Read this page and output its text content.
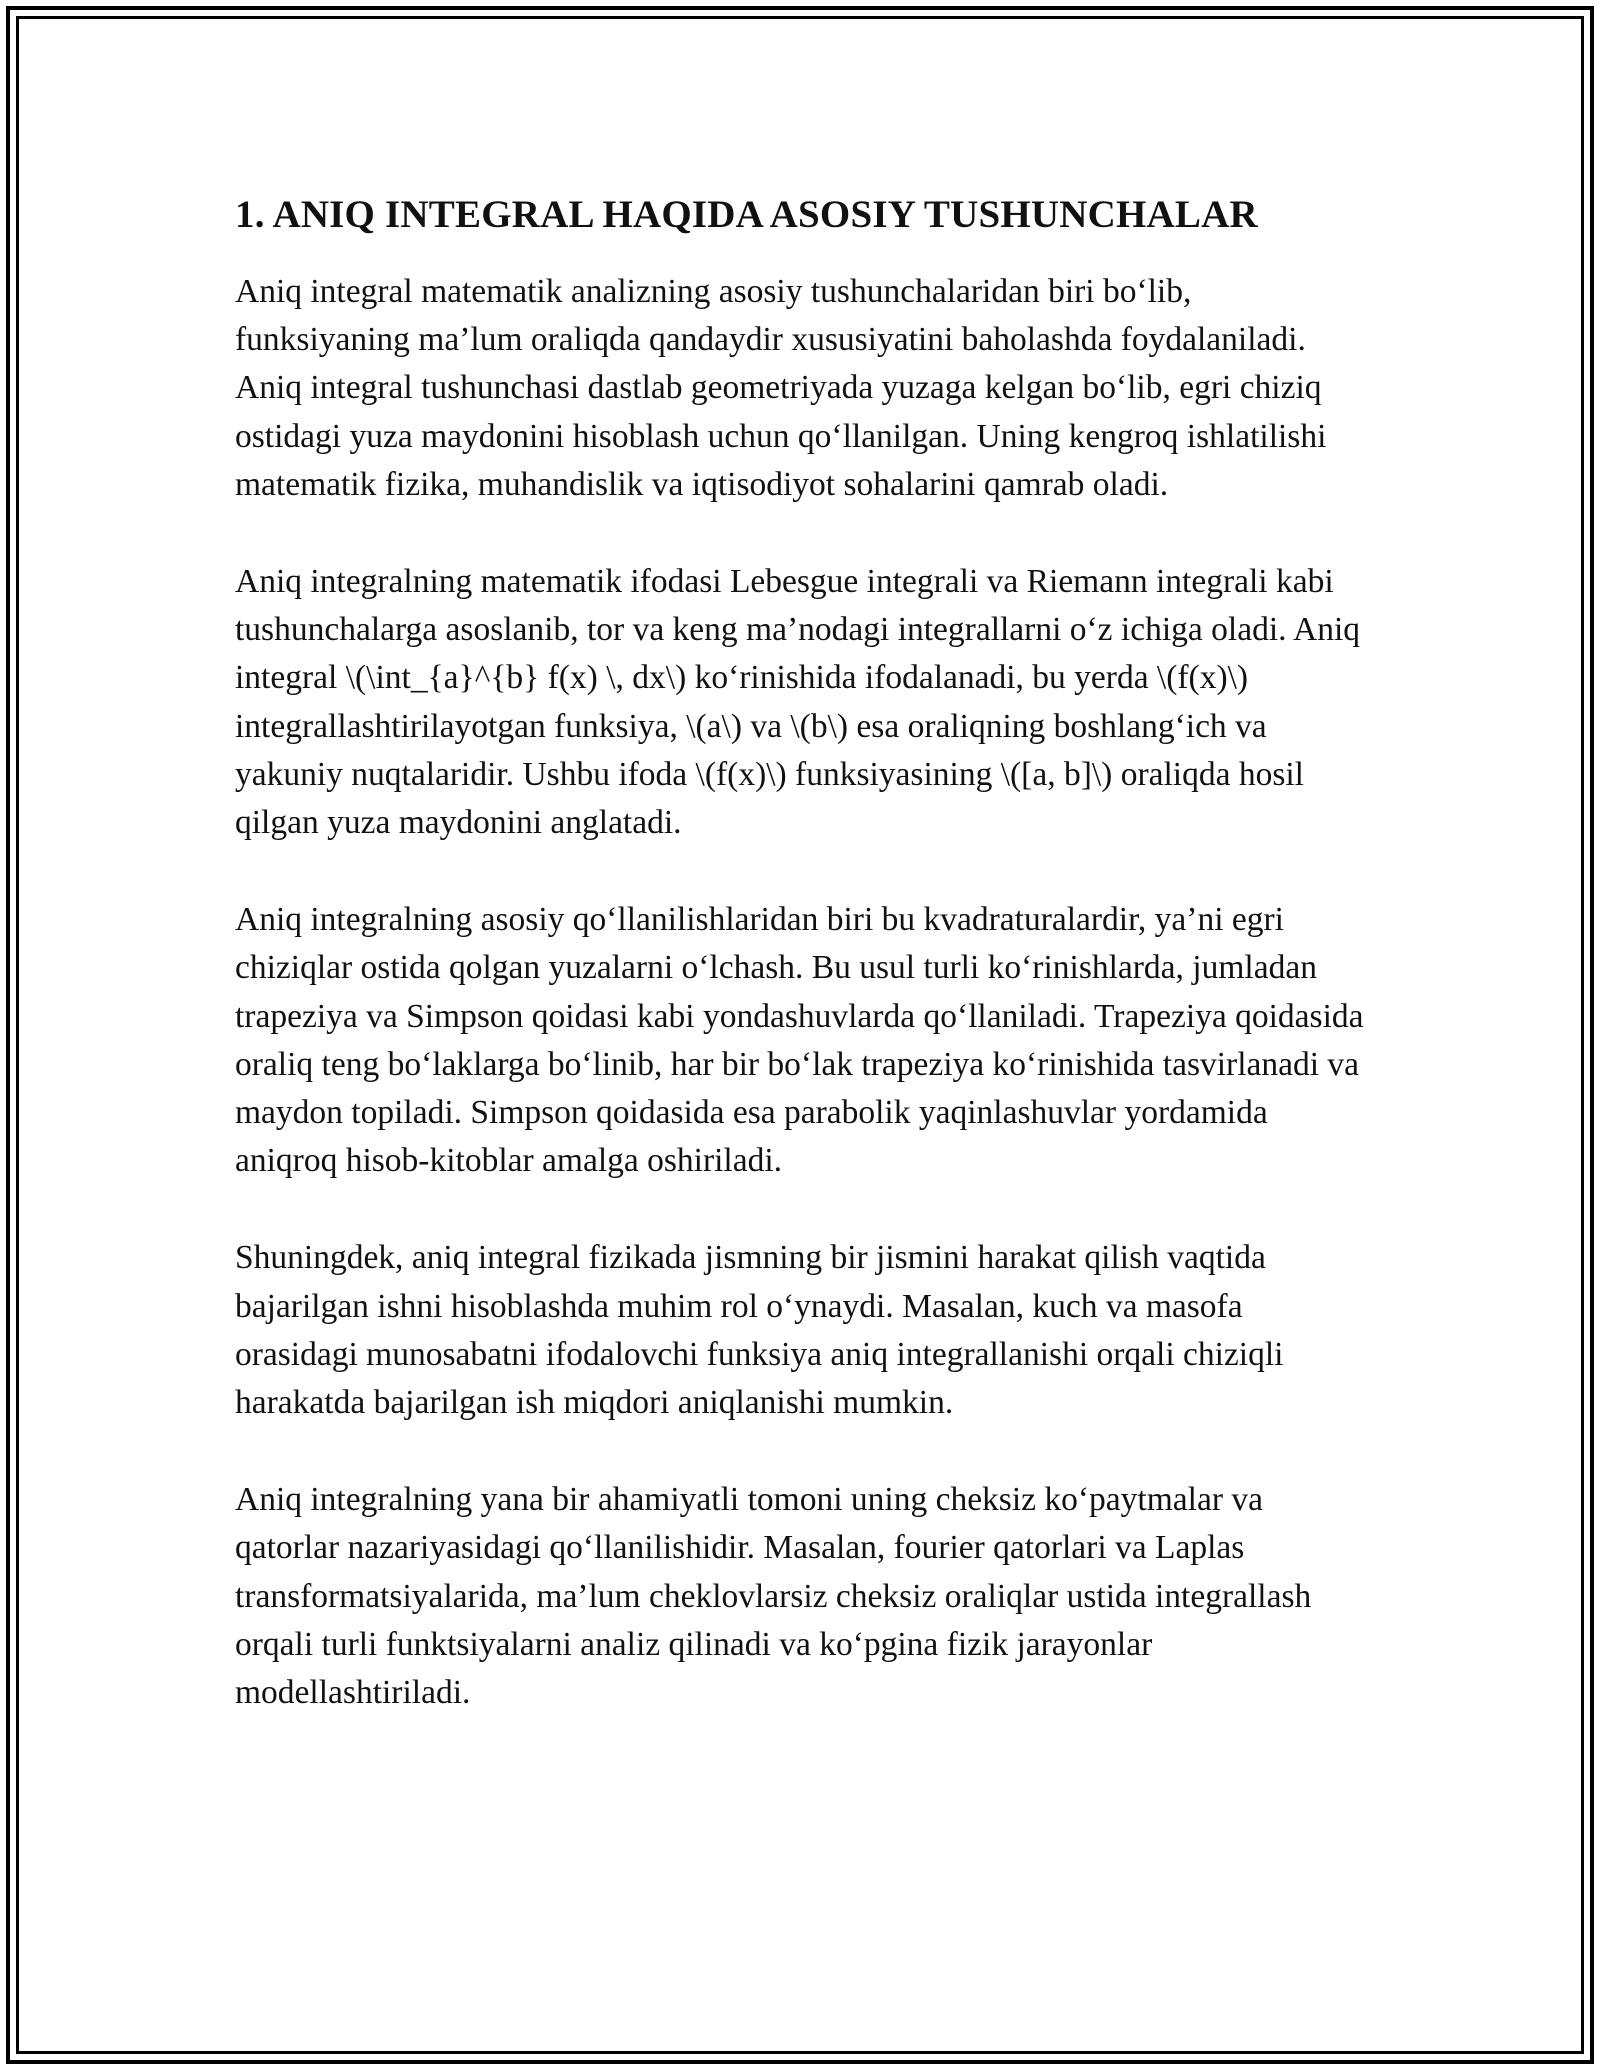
1. ANIQ INTEGRAL HAQIDA ASOSIY TUSHUNCHALAR

Aniq integral matematik analizning asosiy tushunchalaridan biri bo‘lib, funksiyaning ma’lum oraliqda qandaydir xususiyatini baholashda foydalaniladi. Aniq integral tushunchasi dastlab geometriyada yuzaga kelgan bo‘lib, egri chiziq ostidagi yuza maydonini hisoblash uchun qo‘llanilgan. Uning kengroq ishlatilishi matematik fizika, muhandislik va iqtisodiyot sohalarini qamrab oladi.

Aniq integralning matematik ifodasi Lebesgue integrali va Riemann integrali kabi tushunchalarga asoslanib, tor va keng ma’nodagi integrallarni o‘z ichiga oladi. Aniq integral \(\int_{a}^{b} f(x) \, dx\) ko‘rinishida ifodalanadi, bu yerda \(f(x)\) integrallashtirilayotgan funksiya, \(a\) va \(b\) esa oraliqning boshlang‘ich va yakuniy nuqtalaridir. Ushbu ifoda \(f(x)\) funksiyasining \([a, b]\) oraliqda hosil qilgan yuza maydonini anglatadi.

Aniq integralning asosiy qo‘llanilishlaridan biri bu kvadraturalardir, ya’ni egri chiziqlar ostida qolgan yuzalarni o‘lchash. Bu usul turli ko‘rinishlarda, jumladan trapeziya va Simpson qoidasi kabi yondashuvlarda qo‘llaniladi. Trapeziya qoidasida oraliq teng bo‘laklarga bo‘linib, har bir bo‘lak trapeziya ko‘rinishida tasvirlanadi va maydon topiladi. Simpson qoidasida esa parabolik yaqinlashuvlar yordamida aniqroq hisob-kitoblar amalga oshiriladi.

Shuningdek, aniq integral fizikada jismning bir jismini harakat qilish vaqtida bajarilgan ishni hisoblashda muhim rol o‘ynaydi. Masalan, kuch va masofa orasidagi munosabatni ifodalovchi funksiya aniq integrallanishi orqali chiziqli harakatda bajarilgan ish miqdori aniqlanishi mumkin.

Aniq integralning yana bir ahamiyatli tomoni uning cheksiz ko‘paytmalar va qatorlar nazariyasidagi qo‘llanilishidir. Masalan, fourier qatorlari va Laplas transformatsiyalarida, ma’lum cheklovlarsiz cheksiz oraliqlar ustida integrallash orqali turli funktsiyalarni analiz qilinadi va ko‘pgina fizik jarayonlar modellashtiriladi.
